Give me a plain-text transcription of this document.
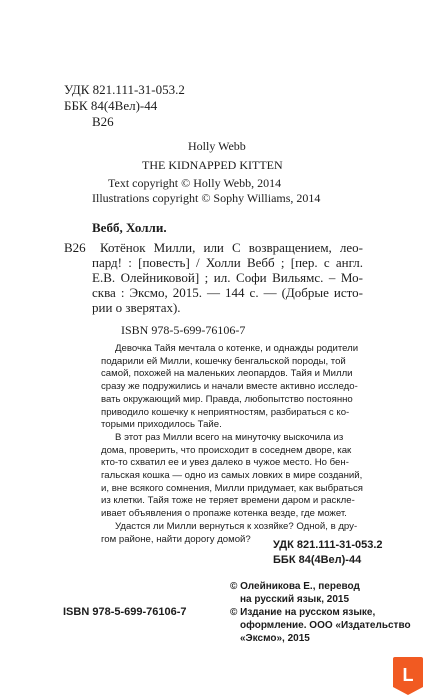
УДК 821.111-31-053.2
ББК 84(4Вел)-44
В26
Holly Webb
THE KIDNAPPED KITTEN
Text copyright © Holly Webb, 2014
Illustrations copyright © Sophy Williams, 2014
Вебб, Холли.
В26 Котёнок Милли, или С возвращением, лео-
пард! : [повесть] / Холли Вебб ; [пер. с англ.
Е.В. Олейниковой] ; ил. Софи Вильямс. – Мо-
сква : Эксмо, 2015. — 144 с. — (Добрые исто-
рии о зверятах).
ISBN 978-5-699-76106-7
Девочка Тайя мечтала о котенке, и однажды родители
подарили ей Милли, кошечку бенгальской породы, той
самой, похожей на маленьких леопардов. Тайя и Милли
сразу же подружились и начали вместе активно исследо-
вать окружающий мир. Правда, любопытство постоянно
приводило кошечку к неприятностям, разбираться с ко-
торыми приходилось Тайе.
В этот раз Милли всего на минуточку выскочила из
дома, проверить, что происходит в соседнем дворе, как
кто-то схватил ее и увез далеко в чужое место. Но бен-
гальская кошка — одно из самых ловких в мире созданий,
и, вне всякого сомнения, Милли придумает, как выбраться
из клетки. Тайя тоже не теряет времени даром и раскле-
ивает объявления о пропаже котенка везде, где может.
Удастся ли Милли вернуться к хозяйке? Одной, в дру-
гом районе, найти дорогу домой?	УДК 821.111-31-053.2
ББК 84(4Вел)-44
© Олейникова Е., перевод
на русский язык, 2015
© Издание на русском языке,
оформление. ООО «Издательство
«Эксмо», 2015
ISBN 978-5-699-76106-7
L
